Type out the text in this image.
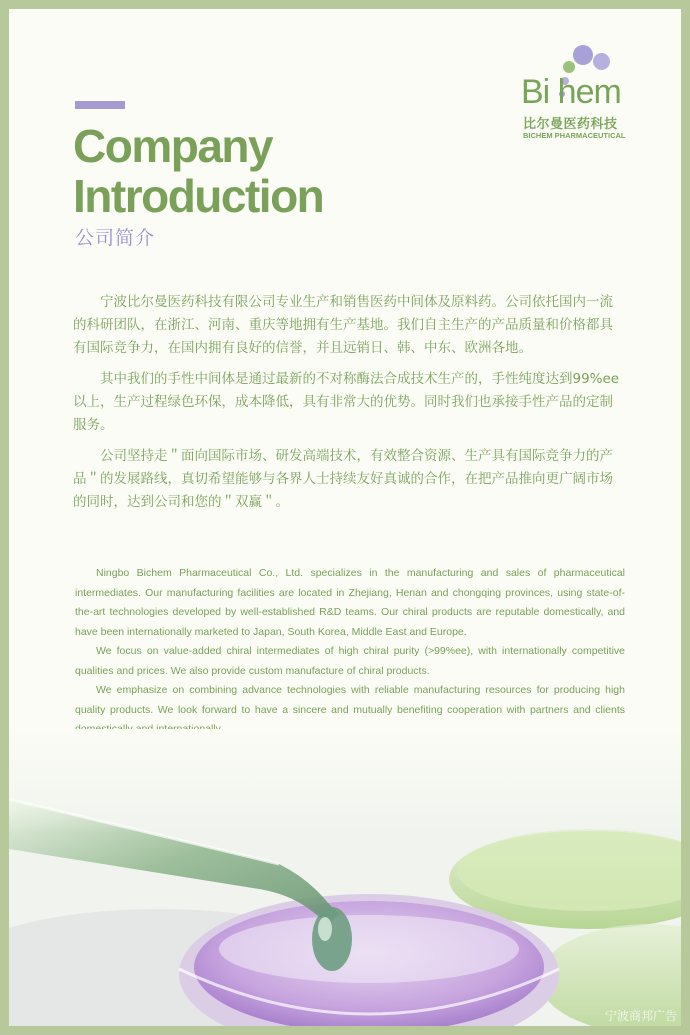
Company
Introduction
公司简介
Bi hem
比尔曼医药科技
BICHEM PHARMACEUTICAL

宁波比尔曼医药科技有限公司专业生产和销售医药中间体及原料药。公司依托国内一流的科研团队，在浙江、河南、重庆等地拥有生产基地。我们自主生产的产品质量和价格都具有国际竞争力，在国内拥有良好的信誉，并且远销日、韩、中东、欧洲各地。

其中我们的手性中间体是通过最新的不对称酶法合成技术生产的，手性纯度达到99%ee 以上，生产过程绿色环保，成本降低，具有非常大的优势。同时我们也承接手性产品的定制服务。

公司坚持走＂面向国际市场、研发高端技术，有效整合资源、生产具有国际竞争力的产品＂的发展路线，真切希望能够与各界人士持续友好真诚的合作，在把产品推向更广阔市场的同时，达到公司和您的＂双赢＂。

Ningbo Bichem Pharmaceutical Co., Ltd. specializes in the manufacturing and sales of pharmaceutical intermediates. Our manufacturing facilities are located in Zhejiang, Henan and chongqing provinces, using state-of-the-art technologies developed by well-established R&D teams. Our chiral products are reputable domestically, and have been internationally marketed to Japan, South Korea, Middle East and Europe.

We focus on value-added chiral intermediates of high chiral purity (>99%ee), with internationally competitive qualities and prices. We also provide custom manufacture of chiral products.

We emphasize on combining advance technologies with reliable manufacturing resources for producing high quality products. We look forward to have a sincere and mutually benefiting cooperation with partners and clients

宁波商邦广告
